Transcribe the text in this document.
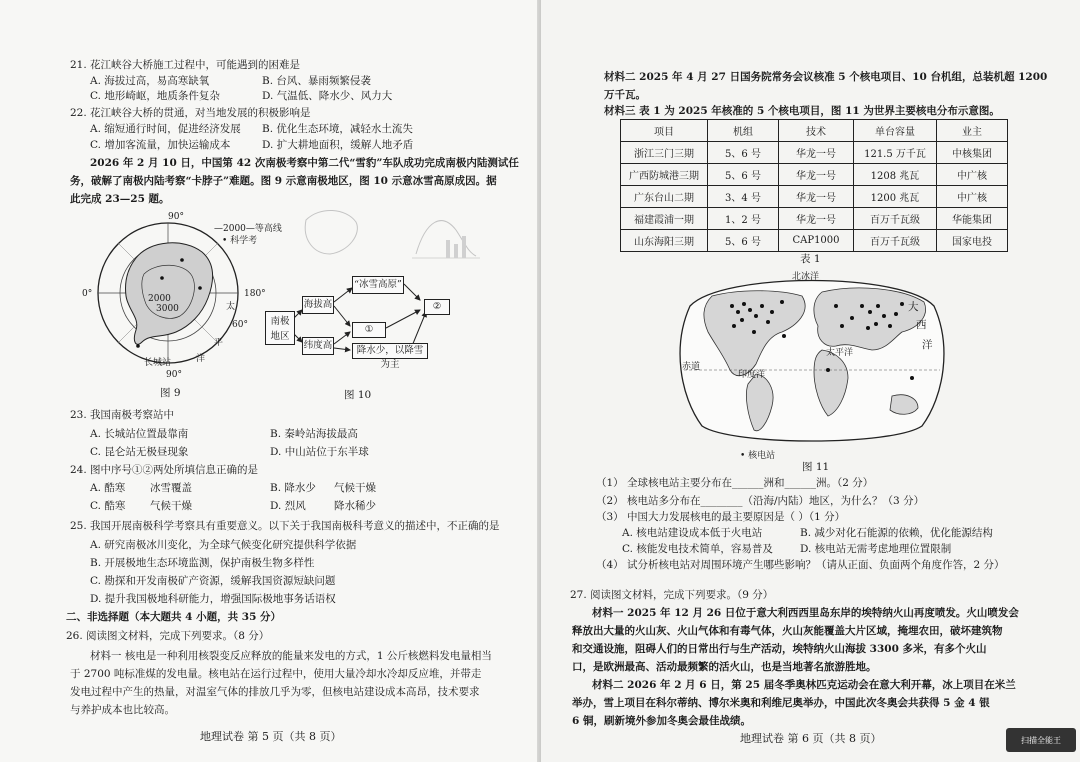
21. 花江峡谷大桥施工过程中，可能遇到的困难是
A. 海拔过高，易高寒缺氧	B. 台风、暴雨频繁侵袭
C. 地形崎岖，地质条件复杂	D. 气温低、降水少、风力大
22. 花江峡谷大桥的贯通，对当地发展的积极影响是
A. 缩短通行时间，促进经济发展 B. 优化生态环境，减轻水土流失
C. 增加客流量，加快运输成本	D. 扩大耕地面积，缓解人地矛盾
2026 年 2 月 10 日，中国第 42 次南极考察中第二代“雪豹”车队成功完成南极内陆测试任
务，破解了南极内陆考察“卡脖子”难题。图 9 示意南极地区，图 10 示意冰雪高原成因。据
此完成 23—25 题。
90°
0°	180°
90°
60°
2000
3000	太
平
洋
长城站
—2000—等高线
• 科学考
图 9
南极
地区
海拔高
纬度高
“冰雪高原”
①
②
降水少，以降雪为主
图 10
23. 我国南极考察站中
A. 长城站位置最靠南	B. 秦岭站海拔最高
C. 昆仑站无极昼现象	D. 中山站位于东半球
24. 图中序号①②两处所填信息正确的是
A. 酷寒 冰雪覆盖	B. 降水少 气候干燥
C. 酷寒 气候干燥	D. 烈风	降水稀少
25. 我国开展南极科学考察具有重要意义。以下关于我国南极科考意义的描述中，不正确的是
A. 研究南极冰川变化，为全球气候变化研究提供科学依据
B. 开展极地生态环境监测，保护南极生物多样性
C. 勘探和开发南极矿产资源，缓解我国资源短缺问题
D. 提升我国极地科研能力，增强国际极地事务话语权
二、非选择题（本大题共 4 小题，共 35 分）
26. 阅读图文材料，完成下列要求。（8 分）
材料一 核电是一种利用核裂变反应释放的能量来发电的方式，1 公斤核燃料发电量相当
于 2700 吨标准煤的发电量。核电站在运行过程中，使用大量冷却水冷却反应堆，并带走
发电过程中产生的热量，对温室气体的排放几乎为零，但核电站建设成本高昂，技术要求
与养护成本也比较高。
地理试卷 第 5 页（共 8 页）
材料二 2025 年 4 月 27 日国务院常务会议核准 5 个核电项目、10 台机组，总装机超 1200
万千瓦。
材料三 表 1 为 2025 年核准的 5 个核电项目，图 11 为世界主要核电分布示意图。
项目	机组	技术	单台容量	业主
浙江三门三期	5、6 号	华龙一号	121.5 万千瓦	中核集团
广西防城港三期	5、6 号	华龙一号	1208 兆瓦	中广核
广东台山二期	3、4 号	华龙一号	1200 兆瓦	中广核
福建霞浦一期	1、2 号	华龙一号	百万千瓦级	华能集团
山东海阳三期	5、6 号	CAP1000	百万千瓦级	国家电投
表 1
北冰洋
大
西
洋
太平洋
赤道
印度洋
• 核电站
图 11
（1） 全球核电站主要分布在______洲和______洲。（2 分）
（2） 核电站多分布在________（沿海/内陆）地区，为什么？（3 分）
（3） 中国大力发展核电的最主要原因是（ ）（1 分）
A. 核电站建设成本低于火电站	B. 减少对化石能源的依赖，优化能源结构
C. 核能发电技术简单，容易普及	D. 核电站无需考虑地理位置限制
（4） 试分析核电站对周围环境产生哪些影响？（请从正面、负面两个角度作答，2 分）
27. 阅读图文材料，完成下列要求。（9 分）
材料一 2025 年 12 月 26 日位于意大利西西里岛东岸的埃特纳火山再度喷发。火山喷发会
释放出大量的火山灰、火山气体和有毒气体，火山灰能覆盖大片区域，掩埋农田，破坏建筑物
和交通设施，阻碍人们的日常出行与生产活动，埃特纳火山海拔 3300 多米，有多个火山
口，是欧洲最高、活动最频繁的活火山，也是当地著名旅游胜地。
材料二 2026 年 2 月 6 日，第 25 届冬季奥林匹克运动会在意大利开幕，冰上项目在米兰
举办，雪上项目在科尔蒂纳、博尔米奥和利维尼奥举办，中国此次冬奥会共获得 5 金 4 银
6 铜，刷新境外参加冬奥会最佳战绩。
地理试卷 第 6 页（共 8 页）	扫描全能王
